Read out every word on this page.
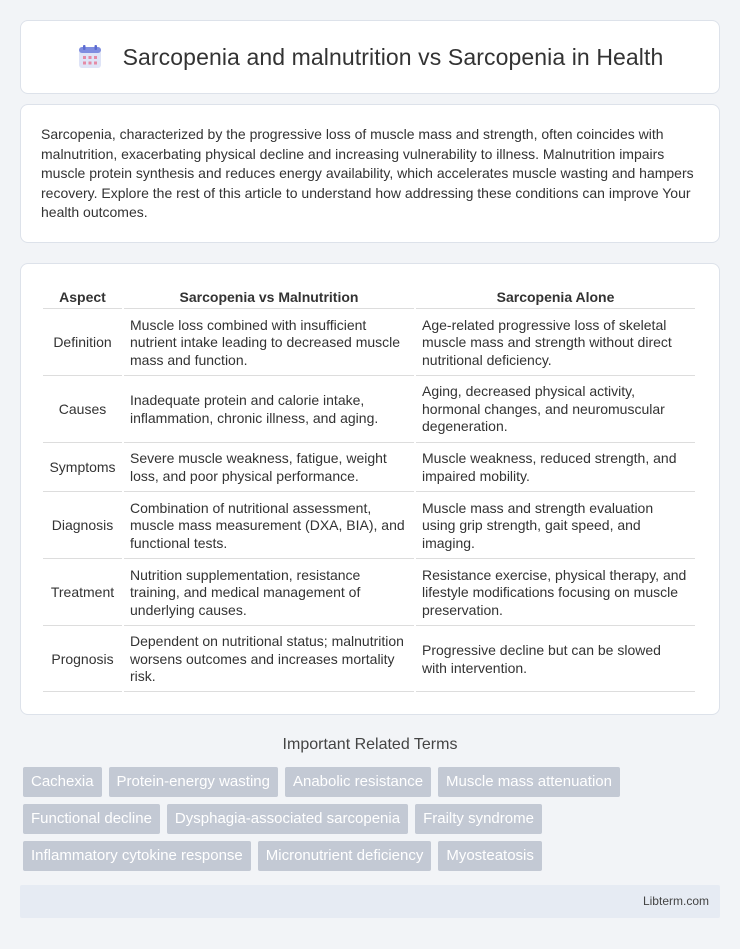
Sarcopenia and malnutrition vs Sarcopenia in Health

Sarcopenia, characterized by the progressive loss of muscle mass and strength, often coincides with malnutrition, exacerbating physical decline and increasing vulnerability to illness. Malnutrition impairs muscle protein synthesis and reduces energy availability, which accelerates muscle wasting and hampers recovery. Explore the rest of this article to understand how addressing these conditions can improve Your health outcomes.

Aspect	Sarcopenia vs Malnutrition	Sarcopenia Alone
Definition	Muscle loss combined with insufficient nutrient intake leading to decreased muscle mass and function.	Age-related progressive loss of skeletal muscle mass and strength without direct nutritional deficiency.
Causes	Inadequate protein and calorie intake, inflammation, chronic illness, and aging.	Aging, decreased physical activity, hormonal changes, and neuromuscular degeneration.
Symptoms	Severe muscle weakness, fatigue, weight loss, and poor physical performance.	Muscle weakness, reduced strength, and impaired mobility.
Diagnosis	Combination of nutritional assessment, muscle mass measurement (DXA, BIA), and functional tests.	Muscle mass and strength evaluation using grip strength, gait speed, and imaging.
Treatment	Nutrition supplementation, resistance training, and medical management of underlying causes.	Resistance exercise, physical therapy, and lifestyle modifications focusing on muscle preservation.
Prognosis	Dependent on nutritional status; malnutrition worsens outcomes and increases mortality risk.	Progressive decline but can be slowed with intervention.
Important Related Terms
Cachexia	Protein-energy wasting	Anabolic resistance	Muscle mass attenuation
Functional decline	Dysphagia-associated sarcopenia	Frailty syndrome
Inflammatory cytokine response	Micronutrient deficiency	Myosteatosis
Libterm.com
